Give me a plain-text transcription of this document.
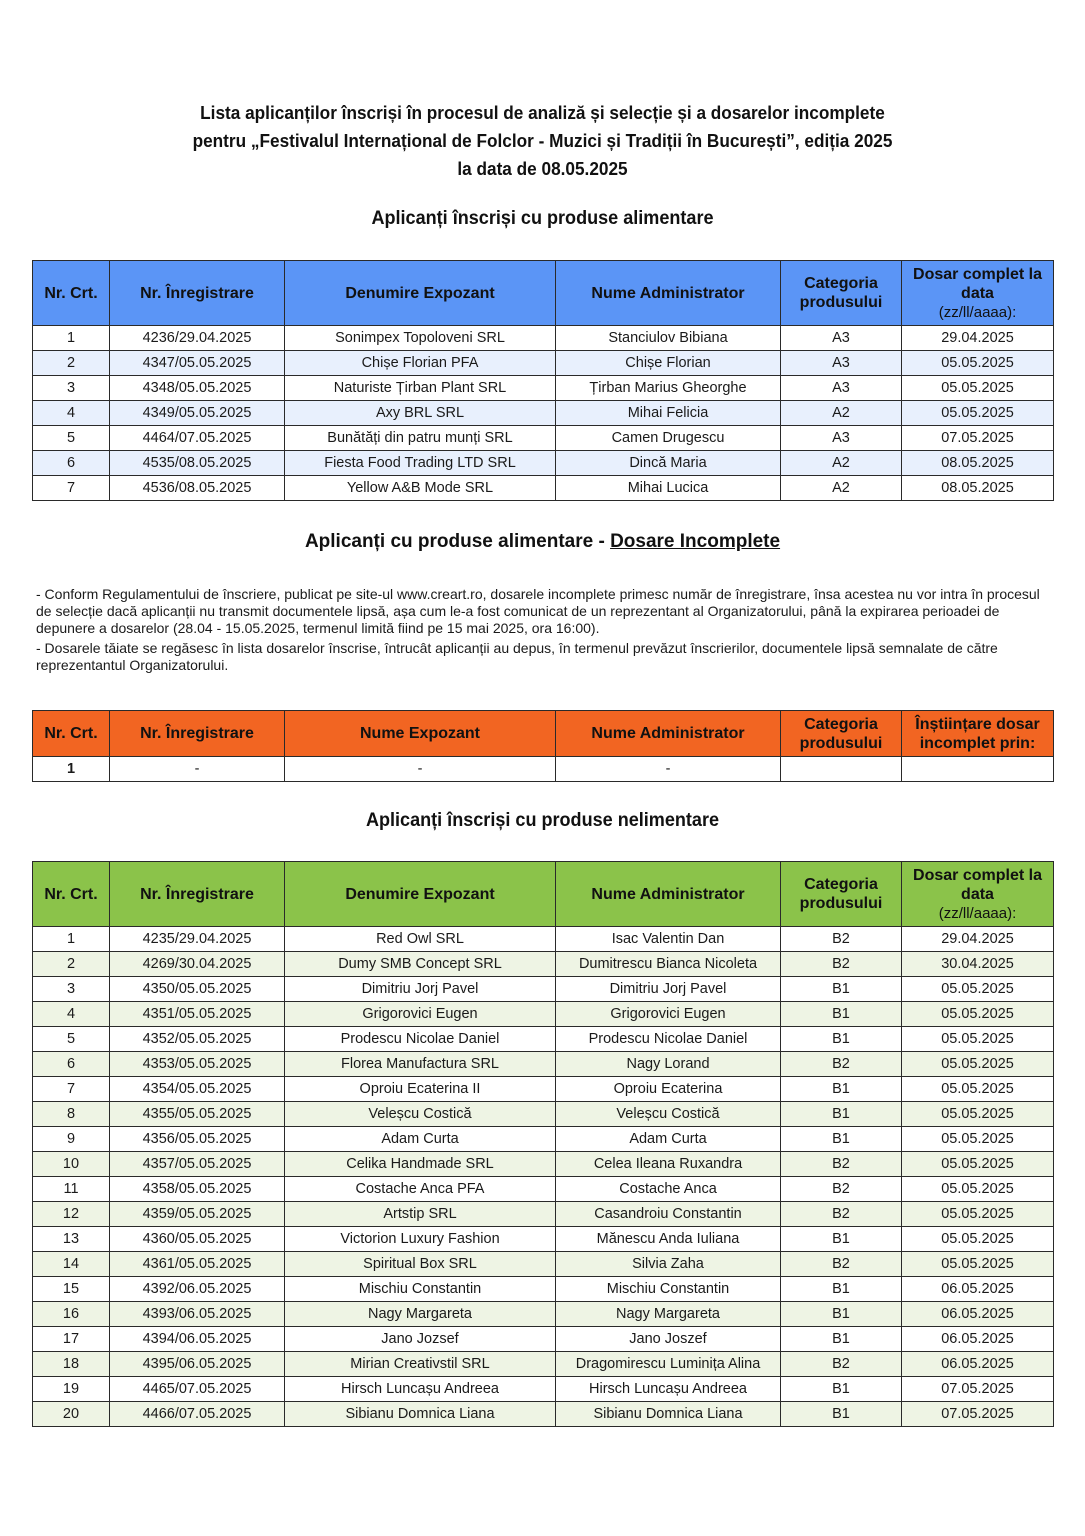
Lista aplicanților înscriși în procesul de analiză și selecție și a dosarelor incomplete
pentru „Festivalul Internațional de Folclor - Muzici și Tradiții în București”, ediția 2025
la data de 08.05.2025
Aplicanți înscriși cu produse alimentare
Nr. Crt.	Nr. Înregistrare	Denumire Expozant	Nume Administrator	Categoria produsului	Dosar complet la data
(zz/ll/aaaa):

1	4236/29.04.2025	Sonimpex Topoloveni SRL	Stanciulov Bibiana	A3	29.04.2025
2	4347/05.05.2025	Chișe Florian PFA	Chișe Florian	A3	05.05.2025
3	4348/05.05.2025	Naturiste Țirban Plant SRL	Țirban Marius Gheorghe	A3	05.05.2025
4	4349/05.05.2025	Axy BRL SRL	Mihai Felicia	A2	05.05.2025
5	4464/07.05.2025	Bunătăți din patru munți SRL	Camen Drugescu	A3	07.05.2025
6	4535/08.05.2025	Fiesta Food Trading LTD SRL	Dincă Maria	A2	08.05.2025
7	4536/08.05.2025	Yellow A&B Mode SRL	Mihai Lucica	A2	08.05.2025
Aplicanți cu produse alimentare - Dosare Incomplete

- Conform Regulamentului de înscriere, publicat pe site-ul www.creart.ro, dosarele incomplete primesc număr de înregistrare, însa acestea nu vor intra în procesul de selecție dacă aplicanții nu transmit documentele lipsă, așa cum le-a fost comunicat de un reprezentant al Organizatorului, până la expirarea perioadei de depunere a dosarelor (28.04 - 15.05.2025, termenul limită fiind pe 15 mai 2025, ora 16:00).

- Dosarele tăiate se regăsesc în lista dosarelor înscrise, întrucât aplicanții au depus, în termenul prevăzut înscrierilor, documentele lipsă semnalate de către reprezentantul Organizatorului.

Nr. Crt.	Nr. Înregistrare	Nume Expozant	Nume Administrator	Categoria produsului	Înștiințare dosar incomplet prin:
1	-	-	-		
Aplicanți înscriși cu produse nelimentare
Nr. Crt.	Nr. Înregistrare	Denumire Expozant	Nume Administrator	Categoria produsului	Dosar complet la data
(zz/ll/aaaa):

1	4235/29.04.2025	Red Owl SRL	Isac Valentin Dan	B2	29.04.2025
2	4269/30.04.2025	Dumy SMB Concept SRL	Dumitrescu Bianca Nicoleta	B2	30.04.2025
3	4350/05.05.2025	Dimitriu Jorj Pavel	Dimitriu Jorj Pavel	B1	05.05.2025
4	4351/05.05.2025	Grigorovici Eugen	Grigorovici Eugen	B1	05.05.2025
5	4352/05.05.2025	Prodescu Nicolae Daniel	Prodescu Nicolae Daniel	B1	05.05.2025
6	4353/05.05.2025	Florea Manufactura SRL	Nagy Lorand	B2	05.05.2025
7	4354/05.05.2025	Oproiu Ecaterina II	Oproiu Ecaterina	B1	05.05.2025
8	4355/05.05.2025	Veleșcu Costică	Veleșcu Costică	B1	05.05.2025
9	4356/05.05.2025	Adam Curta	Adam Curta	B1	05.05.2025
10	4357/05.05.2025	Celika Handmade SRL	Celea Ileana Ruxandra	B2	05.05.2025
11	4358/05.05.2025	Costache Anca PFA	Costache Anca	B2	05.05.2025
12	4359/05.05.2025	Artstip SRL	Casandroiu Constantin	B2	05.05.2025
13	4360/05.05.2025	Victorion Luxury Fashion	Mănescu Anda Iuliana	B1	05.05.2025
14	4361/05.05.2025	Spiritual Box SRL	Silvia Zaha	B2	05.05.2025
15	4392/06.05.2025	Mischiu Constantin	Mischiu Constantin	B1	06.05.2025
16	4393/06.05.2025	Nagy Margareta	Nagy Margareta	B1	06.05.2025
17	4394/06.05.2025	Jano Jozsef	Jano Joszef	B1	06.05.2025
18	4395/06.05.2025	Mirian Creativstil SRL	Dragomirescu Luminița Alina	B2	06.05.2025
19	4465/07.05.2025	Hirsch Luncașu Andreea	Hirsch Luncașu Andreea	B1	07.05.2025
20	4466/07.05.2025	Sibianu Domnica Liana	Sibianu Domnica Liana	B1	07.05.2025
